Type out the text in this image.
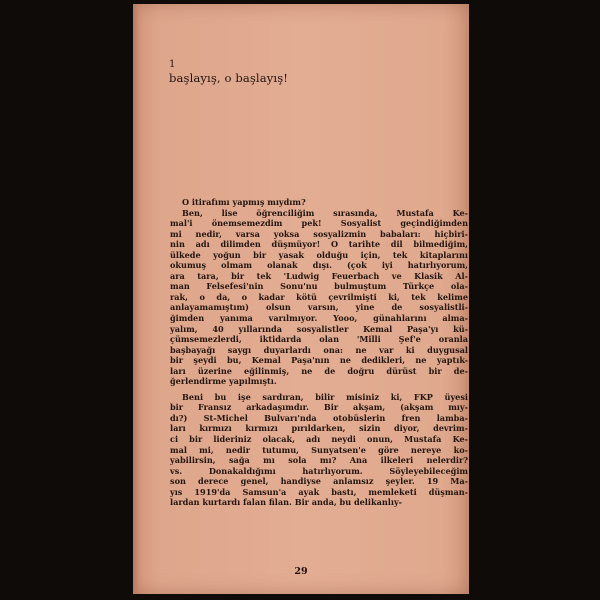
1
başlayış, o başlayış!
O itirafımı yapmış mıydım?
Ben, lise öğrenciliğim sırasında, Mustafa Ke-
mal'i önemsemezdim pek! Sosyalist geçindiğimden
mi nedir, varsa yoksa sosyalizmin babaları: hiçbiri-
nin adı dilimden düşmüyor! O tarihte dil bilmediğim,
ülkede yoğun bir yasak olduğu için, tek kitaplarını
okumuş olmam olanak dışı. (çok iyi hatırlıyorum,
ara tara, bir tek 'Ludwig Feuerbach ve Klasik Al-
man Felsefesi'nin Sonu'nu bulmuştum Türkçe ola-
rak, o da, o kadar kötü çevrilmişti ki, tek kelime
anlayamamıştım) olsun varsın, yine de sosyalistli-
ğimden yanıma varılmıyor. Yooo, günahlarını alma-
yalım, 40 yıllarında sosyalistler Kemal Paşa'yı kü-
çümsemezlerdi, iktidarda olan 'Milli Şef'e oranla
başbayağı saygı duyarlardı ona: ne var ki duygusal
bir şeydi bu, Kemal Paşa'nın ne dedikleri, ne yaptık-
ları üzerine eğilinmiş, ne de doğru dürüst bir de-
ğerlendirme yapılmıştı.
Beni bu işe sardıran, bilir misiniz ki, FKP üyesi
bir Fransız arkadaşımdır. Bir akşam, (akşam mıy-
dı?) St-Michel Bulvarı'nda otobüslerin fren lamba-
ları kırmızı kırmızı pırıldarken, sizin diyor, devrim-
ci bir lideriniz olacak, adı neydi onun, Mustafa Ke-
mal mi, nedir tutumu, Sunyatsen'e göre nereye ko-
yabilirsin, sağa mı sola mı? Ana ilkeleri nelerdir?
vs. Donakaldığımı hatırlıyorum. Söyleyebileceğim
son derece genel, handiyse anlamsız şeyler. 19 Ma-
yıs 1919'da Samsun'a ayak bastı, memleketi düşman-
lardan kurtardı falan filan. Bir anda, bu delikanlıy-
29
